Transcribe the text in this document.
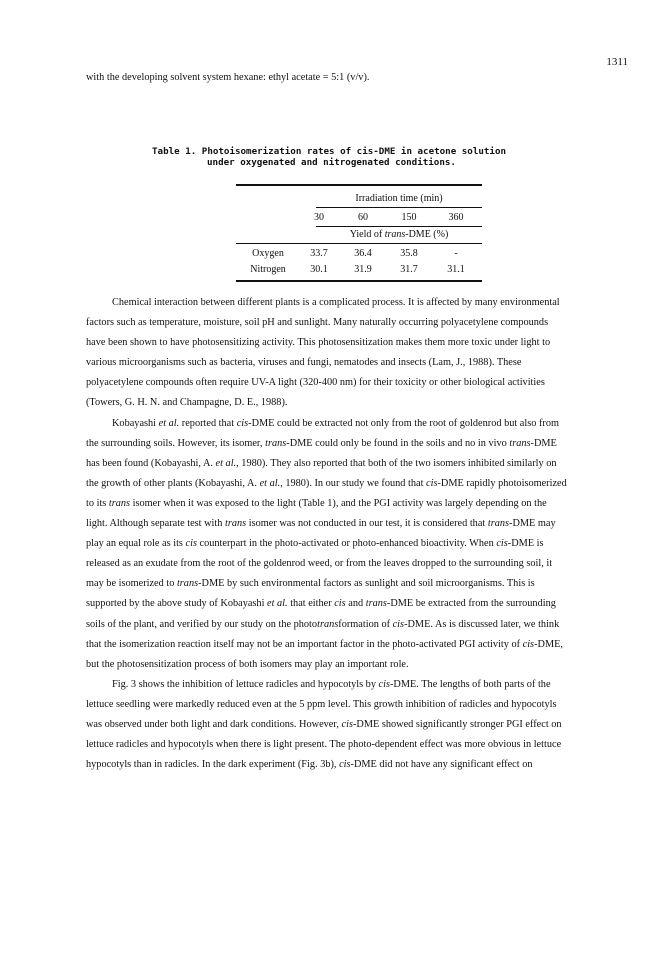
1311
with the developing solvent system hexane: ethyl acetate = 5:1 (v/v).
Table 1. Photoisomerization rates of cis-DME in acetone solution
under oxygenated and nitrogenated conditions.
Irradiation time (min)
30	60	150	360
Yield of trans-DME (%)
Oxygen	33.7	36.4	35.8	-
Nitrogen	30.1	31.9	31.7	31.1
Chemical interaction between different plants is a complicated process. It is affected by many environmental
factors such as temperature, moisture, soil pH and sunlight. Many naturally occurring polyacetylene compounds
have been shown to have photosensitizing activity. This photosensitization makes them more toxic under light to
various microorganisms such as bacteria, viruses and fungi, nematodes and insects (Lam, J., 1988). These
polyacetylene compounds often require UV-A light (320-400 nm) for their toxicity or other biological activities
(Towers, G. H. N. and Champagne, D. E., 1988).
Kobayashi et al. reported that cis-DME could be extracted not only from the root of goldenrod but also from
the surrounding soils. However, its isomer, trans-DME could only be found in the soils and no in vivo trans-DME
has been found (Kobayashi, A. et al., 1980). They also reported that both of the two isomers inhibited similarly on
the growth of other plants (Kobayashi, A. et al., 1980). In our study we found that cis-DME rapidly photoisomerized
to its trans isomer when it was exposed to the light (Table 1), and the PGI activity was largely depending on the
light. Although separate test with trans isomer was not conducted in our test, it is considered that trans-DME may
play an equal role as its cis counterpart in the photo-activated or photo-enhanced bioactivity. When cis-DME is
released as an exudate from the root of the goldenrod weed, or from the leaves dropped to the surrounding soil, it
may be isomerized to trans-DME by such environmental factors as sunlight and soil microorganisms. This is
supported by the above study of Kobayashi et al. that either cis and trans-DME be extracted from the surrounding
soils of the plant, and verified by our study on the phototransformation of cis-DME. As is discussed later, we think
that the isomerization reaction itself may not be an important factor in the photo-activated PGI activity of cis-DME,
but the photosensitization process of both isomers may play an important role.
Fig. 3 shows the inhibition of lettuce radicles and hypocotyls by cis-DME. The lengths of both parts of the
lettuce seedling were markedly reduced even at the 5 ppm level. This growth inhibition of radicles and hypocotyls
was observed under both light and dark conditions. However, cis-DME showed significantly stronger PGI effect on
lettuce radicles and hypocotyls when there is light present. The photo-dependent effect was more obvious in lettuce
hypocotyls than in radicles. In the dark experiment (Fig. 3b), cis-DME did not have any significant effect on
